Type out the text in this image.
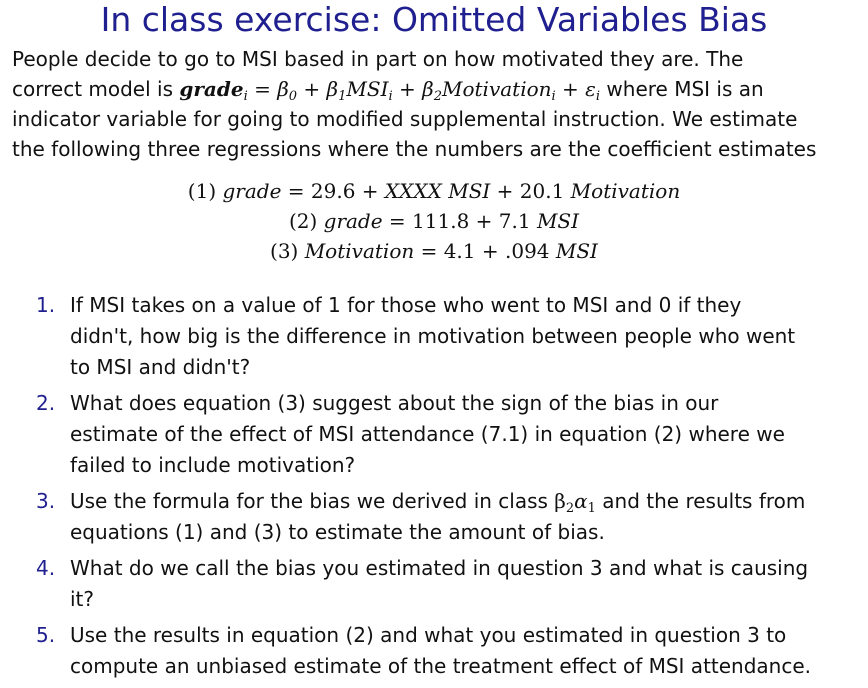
In class exercise: Omitted Variables Bias
People decide to go to MSI based in part on how motivated they are. The
correct model is grade$_i$ = $\beta_0 + \beta_1MSI_i$ + $\beta_2Motivation_i + \varepsilon_i$ where MSI is an
indicator variable for going to modified supplemental instruction. We estimate
the following three regressions where the numbers are the coefficient estimates
(1) grade = 29.6 + XXXX MSI + 20.1 Motivation
(2) grade = 111.8 + 7.1 MSI
(3) Motivation = 4.1 + .094 MSI
1. If MSI takes on a value of 1 for those who went to MSI and 0 if they
didn't, how big is the difference in motivation between people who went
to MSI and didn't?
2. What does equation (3) suggest about the sign of the bias in our
estimate of the effect of MSI attendance (7.1) in equation (2) where we
failed to include motivation?
3. Use the formula for the bias we derived in class $\beta_2\alpha_1$ and the results from
equations (1) and (3) to estimate the amount of bias.
4. What do we call the bias you estimated in question 3 and what is causing
it?
5. Use the results in equation (2) and what you estimated in question 3 to
compute an unbiased estimate of the treatment effect of MSI attendance.
